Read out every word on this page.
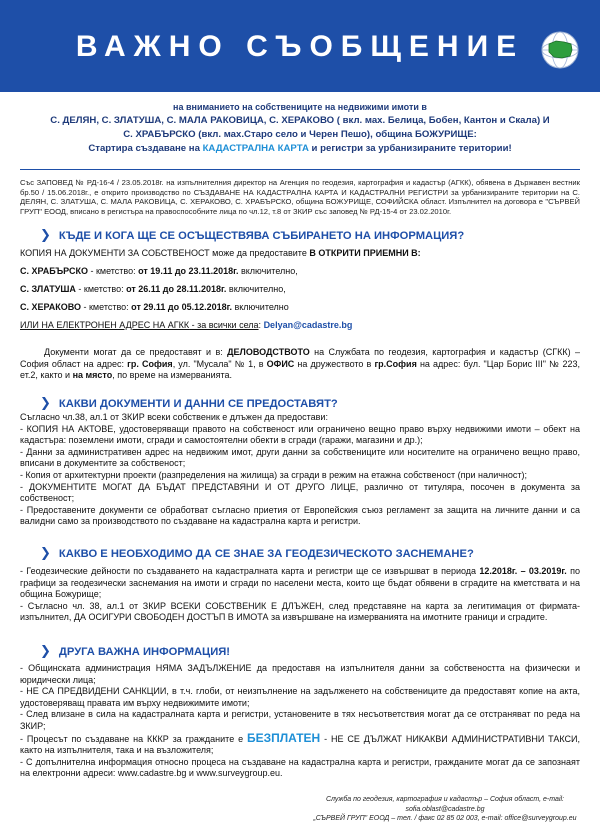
ВАЖНО СЪОБЩЕНИЕ
на вниманието на собствениците на недвижими имоти в
С. ДЕЛЯН, С. ЗЛАТУША, С. МАЛА РАКОВИЦА, С. ХЕРАКОВО ( вкл. мах. Белица, Бобен, Кантон и Скала) И
С. ХРАБЪРСКО (вкл. мах.Старо село и Черен Пешо), община БОЖУРИЩЕ:
Стартира създаване на КАДАСТРАЛНА КАРТА и регистри за урбанизираните територии!
Със ЗАПОВЕД № РД-16-4 / 23.05.2018г. на изпълнителния директор на Агенция по геодезия, картография и кадастър (АГКК), обявена в Държавен вестник бр.50 / 15.06.2018г., е открито производство по СЪЗДАВАНЕ НА КАДАСТРАЛНА КАРТА И КАДАСТРАЛНИ РЕГИСТРИ за урбанизираните територии на С. ДЕЛЯН, С. ЗЛАТУША, С. МАЛА РАКОВИЦА, С. ХЕРАКОВО, С. ХРАБЪРСКО, община БОЖУРИЩЕ, СОФИЙСКА област. Изпълнител на договора е "СЪРВЕЙ ГРУП" ЕООД, вписано в регистъра на правоспособните лица по чл.12, т.8 от ЗКИР със заповед № РД-15-4 от 23.02.2010г.
❯ КЪДЕ И КОГА ЩЕ СЕ ОСЪЩЕСТВЯВА СЪБИРАНЕТО НА ИНФОРМАЦИЯ?
КОПИЯ НА ДОКУМЕНТИ ЗА СОБСТВЕНОСТ може да предоставите В ОТКРИТИ ПРИЕМНИ В:
С. ХРАБЪРСКО - кметство: от 19.11 до 23.11.2018г. включително,
С. ЗЛАТУША - кметство: от 26.11 до 28.11.2018г. включително,
С. ХЕРАКОВО - кметство: от 29.11 до 05.12.2018г. включително
ИЛИ НА ЕЛЕКТРОНЕН АДРЕС НА АГКК - за всички села: Delyan@cadastre.bg

Документи могат да се предоставят и в: ДЕЛОВОДСТВОТО на Службата по геодезия, картография и кадастър (СГКК) – София област на адрес: гр. София, ул. "Мусала" № 1, в ОФИС на дружеството в гр.София на адрес: бул. "Цар Борис III" № 223, ет.2, както и на място, по време на измерванията.

❯ КАКВИ ДОКУМЕНТИ И ДАННИ СЕ ПРЕДОСТАВЯТ?

Съгласно чл.38, ал.1 от ЗКИР всеки собственик е длъжен да предостави:

- КОПИЯ НА АКТОВЕ, удостоверяващи правото на собственост или ограничено вещно право върху недвижими имоти – обект на кадастъра: поземлени имоти, сгради и самостоятелни обекти в сгради (гаражи, магазини и др.);

- Данни за административен адрес на недвижим имот, други данни за собствениците или носителите на ограничено вещно право, вписани в документите за собственост;

- Копия от архитектурни проекти (разпределения на жилища) за сгради в режим на етажна собственост (при наличност);

- ДОКУМЕНТИТЕ МОГАТ ДА БЪДАТ ПРЕДСТАВЯНИ И ОТ ДРУГО ЛИЦЕ, различно от титуляра, посочен в документа за собственост;

- Предоставените документи се обработват съгласно приетия от Европейския съюз регламент за защита на личните данни и са валидни само за производството по създаване на кадастрална карта и регистри.

❯ КАКВО Е НЕОБХОДИМО ДА СЕ ЗНАЕ ЗА ГЕОДЕЗИЧЕСКОТО ЗАСНЕМАНЕ?

- Геодезические дейности по създаването на кадастралната карта и регистри ще се извършват в периода 12.2018г. – 03.2019г. по графици за геодезически заснемания на имоти и сгради по населени места, които ще бъдат обявени в сградите на кметствата и на община Божурище;

- Съгласно чл. 38, ал.1 от ЗКИР ВСЕКИ СОБСТВЕНИК Е ДЛЪЖЕН, след представяне на карта за легитимация от фирмата-изпълнител, ДА ОСИГУРИ СВОБОДЕН ДОСТЪП В ИМОТА за извършване на измерванията на имотните граници и сградите.

❯ ДРУГА ВАЖНА ИНФОРМАЦИЯ!

- Общинската администрация НЯМА ЗАДЪЛЖЕНИЕ да предоставя на изпълнителя данни за собствеността на физически и юридически лица;

- НЕ СА ПРЕДВИДЕНИ САНКЦИИ, в т.ч. глоби, от неизпълнение на задълженето на собствениците да предоставят копие на акта, удостоверяващ правата им върху недвижимите имоти;

- След влизане в сила на кадастралната карта и регистри, установените в тях несъответствия могат да се отстраняват по реда на ЗКИР;

- Процесът по създаване на КККР за гражданите е БЕЗПЛАТЕН - НЕ СЕ ДЪЛЖАТ НИКАКВИ АДМИНИСТРАТИВНИ ТАКСИ, както на изпълнителя, така и на възложителя;

- С допълнителна информация относно процеса на създаване на кадастрална карта и регистри, гражданите могат да се запознаят на електронни адреси: www.cadastre.bg и www.surveygroup.eu.

Служба по геодезия, картография и кадастър – София област, e-mail: sofia.oblast@cadastre.bg
„СЪРВЕЙ ГРУП" ЕООД – тел. / факс 02 85 02 003, e-mail: office@surveygroup.eu
